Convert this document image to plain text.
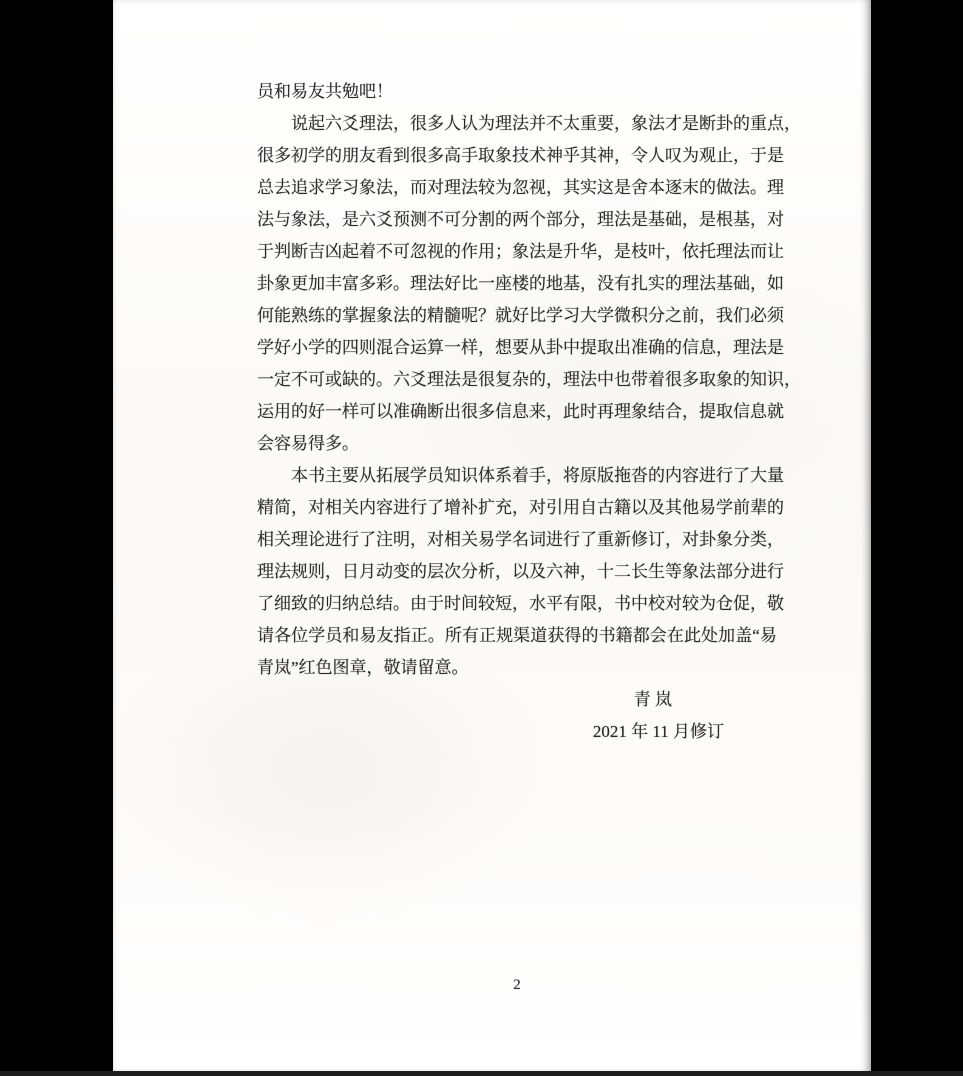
员和易友共勉吧！
说 起 六 爻 理 法 ， 很 多 人 认 为 理 法 并 不 太 重 要 ， 象 法 才 是 断 卦 的 重 点 ，
很 多 初 学 的 朋 友 看 到 很 多 高 手 取 象 技 术 神 乎 其 神 ， 令 人 叹 为 观 止 ， 于 是
总 去 追 求 学 习 象 法 ， 而 对 理 法 较 为 忽 视 ， 其 实 这 是 舍 本 逐 末 的 做 法 。 理
法 与 象 法 ， 是 六 爻 预 测 不 可 分 割 的 两 个 部 分 ， 理 法 是 基 础 ， 是 根 基 ， 对
于 判 断 吉 凶 起 着 不 可 忽 视 的 作 用 ； 象 法 是 升 华 ， 是 枝 叶 ， 依 托 理 法 而 让
卦 象 更 加 丰 富 多 彩 。 理 法 好 比 一 座 楼 的 地 基 ， 没 有 扎 实 的 理 法 基 础 ， 如
何 能 熟 练 的 掌 握 象 法 的 精 髓 呢 ？ 就 好 比 学 习 大 学 微 积 分 之 前 ， 我 们 必 须
学 好 小 学 的 四 则 混 合 运 算 一 样 ， 想 要 从 卦 中 提 取 出 准 确 的 信 息 ， 理 法 是
一 定 不 可 或 缺 的 。 六 爻 理 法 是 很 复 杂 的 ， 理 法 中 也 带 着 很 多 取 象 的 知 识 ，
运 用 的 好 一 样 可 以 准 确 断 出 很 多 信 息 来 ， 此 时 再 理 象 结 合 ， 提 取 信 息 就
会容易得多。
本 书 主 要 从 拓 展 学 员 知 识 体 系 着 手 ， 将 原 版 拖 沓 的 内 容 进 行 了 大 量
精 简 ， 对 相 关 内 容 进 行 了 增 补 扩 充 ， 对 引 用 自 古 籍 以 及 其 他 易 学 前 辈 的
相 关 理 论 进 行 了 注 明 ， 对 相 关 易 学 名 词 进 行 了 重 新 修 订 ， 对 卦 象 分 类 ，
理 法 规 则 ， 日 月 动 变 的 层 次 分 析 ， 以 及 六 神 ， 十 二 长 生 等 象 法 部 分 进 行
了 细 致 的 归 纳 总 结 。 由 于 时 间 较 短 ， 水 平 有 限 ， 书 中 校 对 较 为 仓 促 ， 敬
请 各 位 学 员 和 易 友 指 正 。 所 有 正 规 渠 道 获 得 的 书 籍 都 会 在 此 处 加 盖 “ 易
青岚”红色图章，敬请留意。
青 岚
2021 年 11 月修订
2
